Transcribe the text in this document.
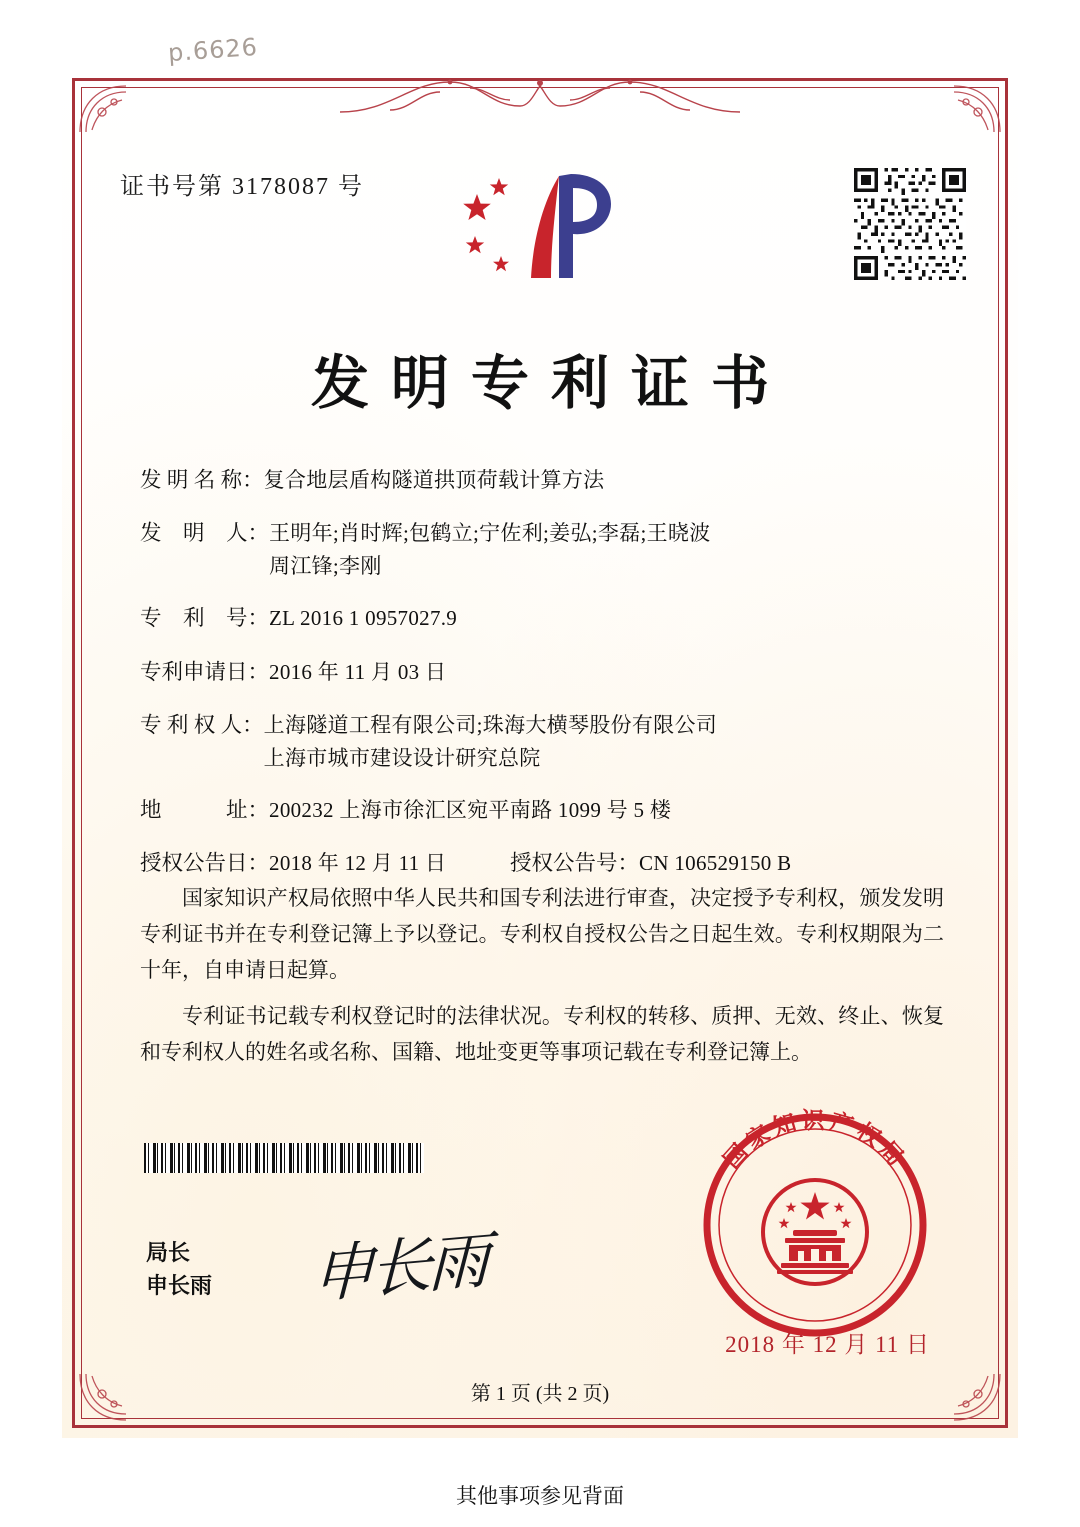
p.6626
证书号第 3178087 号
发明专利证书
发 明 名 称： 复合地层盾构隧道拱顶荷载计算方法
发　明　人： 王明年;肖时辉;包鹤立;宁佐利;姜弘;李磊;王晓波
周江锋;李刚
专　利　号： ZL 2016 1 0957027.9
专利申请日： 2016 年 11 月 03 日
专 利 权 人： 上海隧道工程有限公司;珠海大横琴股份有限公司
上海市城市建设设计研究总院
地　　　址： 200232 上海市徐汇区宛平南路 1099 号 5 楼
授权公告日： 2018 年 12 月 11 日	授权公告号： CN 106529150 B

国家知识产权局依照中华人民共和国专利法进行审查，决定授予专利权，颁发发明专利证书并在专利登记簿上予以登记。专利权自授权公告之日起生效。专利权期限为二十年，自申请日起算。

专利证书记载专利权登记时的法律状况。专利权的转移、质押、无效、终止、恢复和专利权人的姓名或名称、国籍、地址变更等事项记载在专利登记簿上。

局长
申长雨 申长雨
国家知识产权局
2018 年 12 月 11 日
第 1 页 (共 2 页)
其他事项参见背面
